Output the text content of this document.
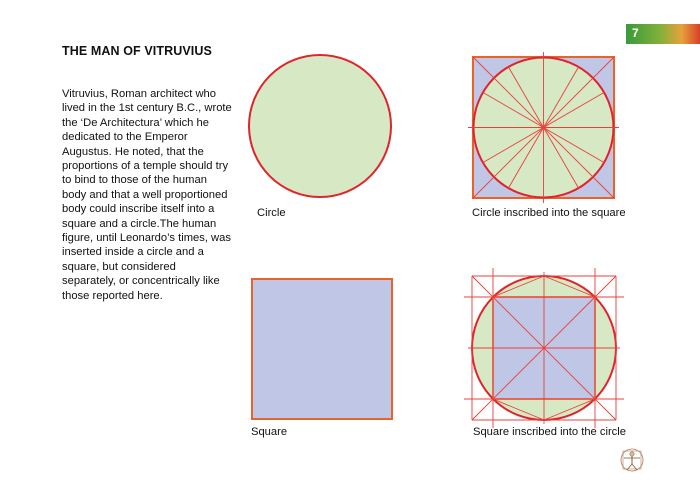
7
THE MAN OF VITRUVIUS
Vitruvius, Roman architect who lived in the 1st century B.C., wrote the ‘De Architectura’ which he dedicated to the Emperor Augustus. He noted, that the proportions of a temple should try to bind to those of the human body and that a well proportioned body could inscribe itself into a square and a circle.The human figure, until Leonardo’s times, was inserted inside a circle and a square, but considered separately, or concentrically like those reported here.
Circle	Circle inscribed into the square
Square	Square inscribed into the circle
